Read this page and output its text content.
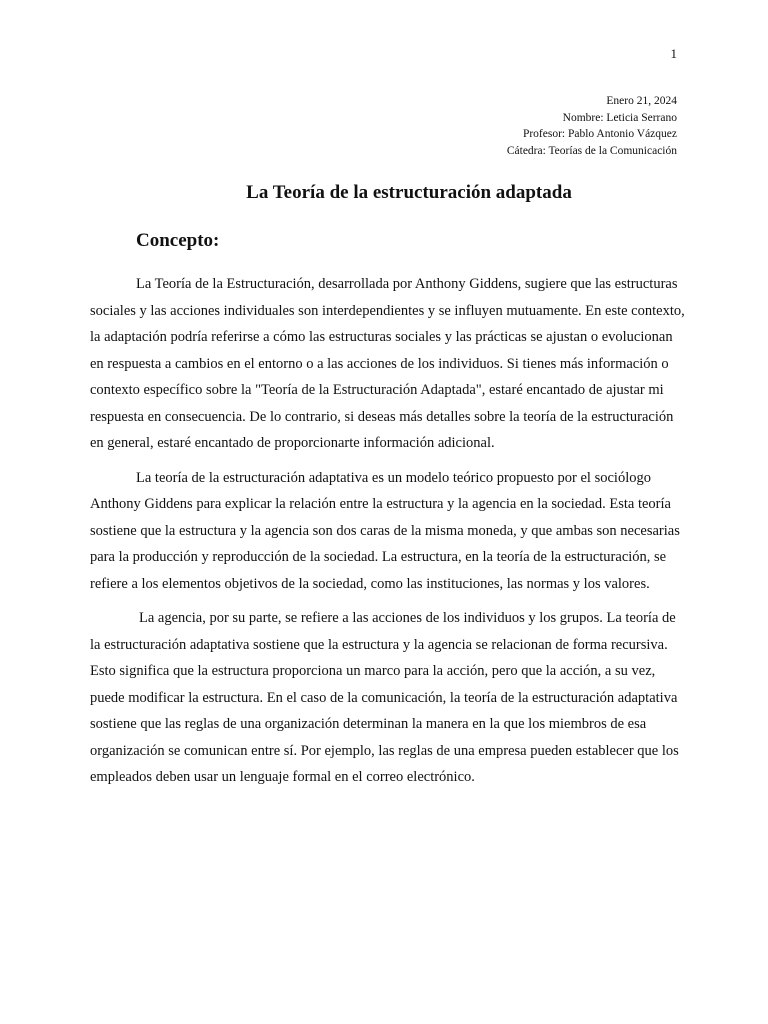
1
Enero 21, 2024
Nombre: Leticia Serrano
Profesor: Pablo Antonio Vázquez
Cátedra: Teorías de la Comunicación
La Teoría de la estructuración adaptada
Concepto:

La Teoría de la Estructuración, desarrollada por Anthony Giddens, sugiere que las estructuras sociales y las acciones individuales son interdependientes y se influyen mutuamente. En este contexto, la adaptación podría referirse a cómo las estructuras sociales y las prácticas se ajustan o evolucionan en respuesta a cambios en el entorno o a las acciones de los individuos. Si tienes más información o contexto específico sobre la "Teoría de la Estructuración Adaptada", estaré encantado de ajustar mi respuesta en consecuencia. De lo contrario, si deseas más detalles sobre la teoría de la estructuración en general, estaré encantado de proporcionarte información adicional.

La teoría de la estructuración adaptativa es un modelo teórico propuesto por el sociólogo Anthony Giddens para explicar la relación entre la estructura y la agencia en la sociedad. Esta teoría sostiene que la estructura y la agencia son dos caras de la misma moneda, y que ambas son necesarias para la producción y reproducción de la sociedad. La estructura, en la teoría de la estructuración, se refiere a los elementos objetivos de la sociedad, como las instituciones, las normas y los valores.

La agencia, por su parte, se refiere a las acciones de los individuos y los grupos. La teoría de la estructuración adaptativa sostiene que la estructura y la agencia se relacionan de forma recursiva. Esto significa que la estructura proporciona un marco para la acción, pero que la acción, a su vez, puede modificar la estructura. En el caso de la comunicación, la teoría de la estructuración adaptativa sostiene que las reglas de una organización determinan la manera en la que los miembros de esa organización se comunican entre sí. Por ejemplo, las reglas de una empresa pueden establecer que los empleados deben usar un lenguaje formal en el correo electrónico.
